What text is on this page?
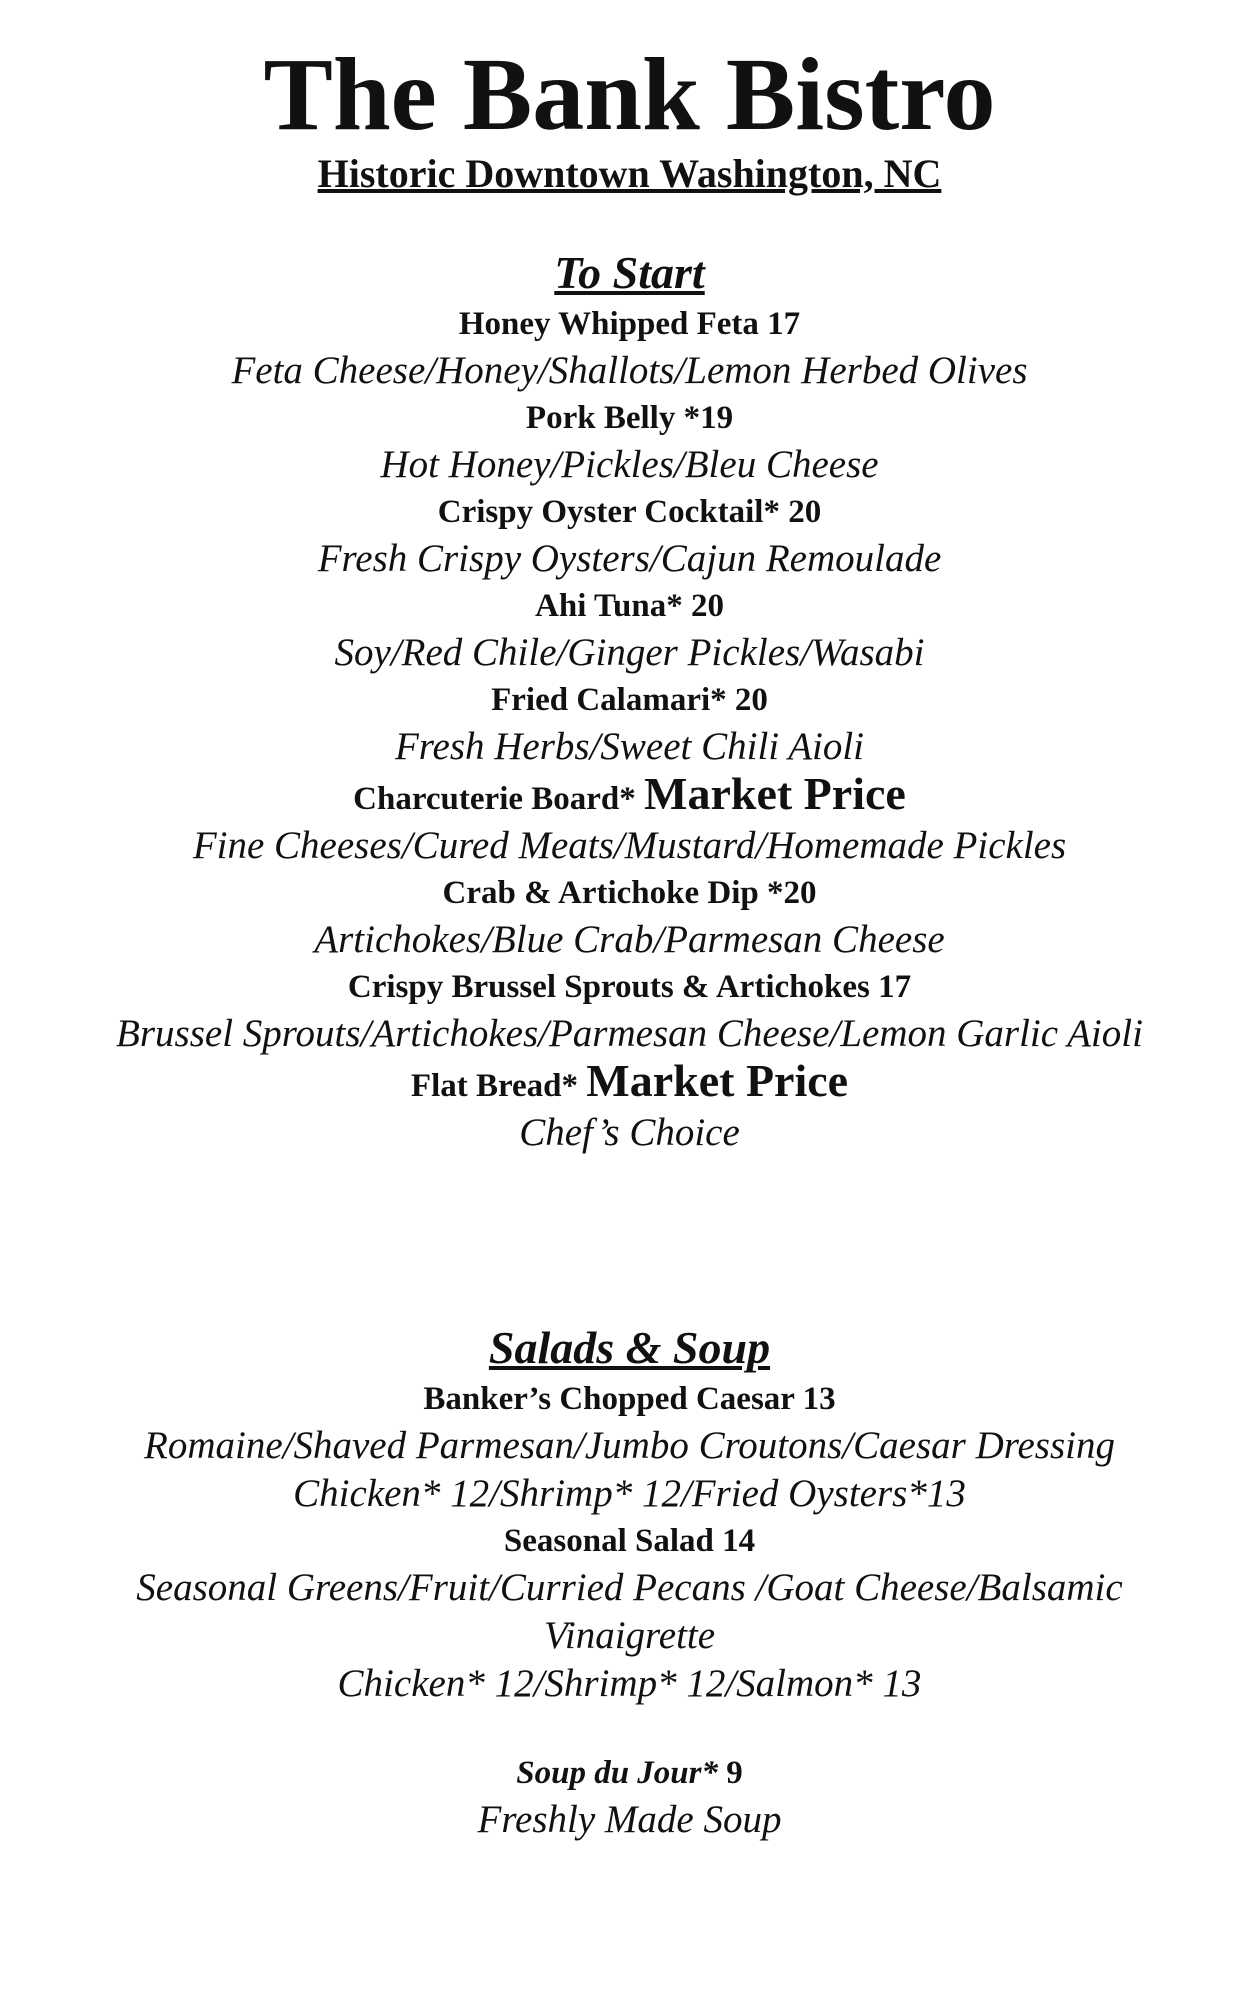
The Bank Bistro
Historic Downtown Washington, NC
To Start
Honey Whipped Feta 17
Feta Cheese/Honey/Shallots/Lemon Herbed Olives
Pork Belly *19
Hot Honey/Pickles/Bleu Cheese
Crispy Oyster Cocktail* 20
Fresh Crispy Oysters/Cajun Remoulade
Ahi Tuna* 20
Soy/Red Chile/Ginger Pickles/Wasabi
Fried Calamari* 20
Fresh Herbs/Sweet Chili Aioli
Charcuterie Board* Market Price
Fine Cheeses/Cured Meats/Mustard/Homemade Pickles
Crab & Artichoke Dip *20
Artichokes/Blue Crab/Parmesan Cheese
Crispy Brussel Sprouts & Artichokes 17
Brussel Sprouts/Artichokes/Parmesan Cheese/Lemon Garlic Aioli
Flat Bread* Market Price
Chef’s Choice
Salads & Soup
Banker’s Chopped Caesar 13
Romaine/Shaved Parmesan/Jumbo Croutons/Caesar Dressing
Chicken* 12/Shrimp* 12/Fried Oysters*13
Seasonal Salad 14
Seasonal Greens/Fruit/Curried Pecans /Goat Cheese/Balsamic Vinaigrette
Chicken* 12/Shrimp* 12/Salmon* 13
Soup du Jour* 9
Freshly Made Soup
